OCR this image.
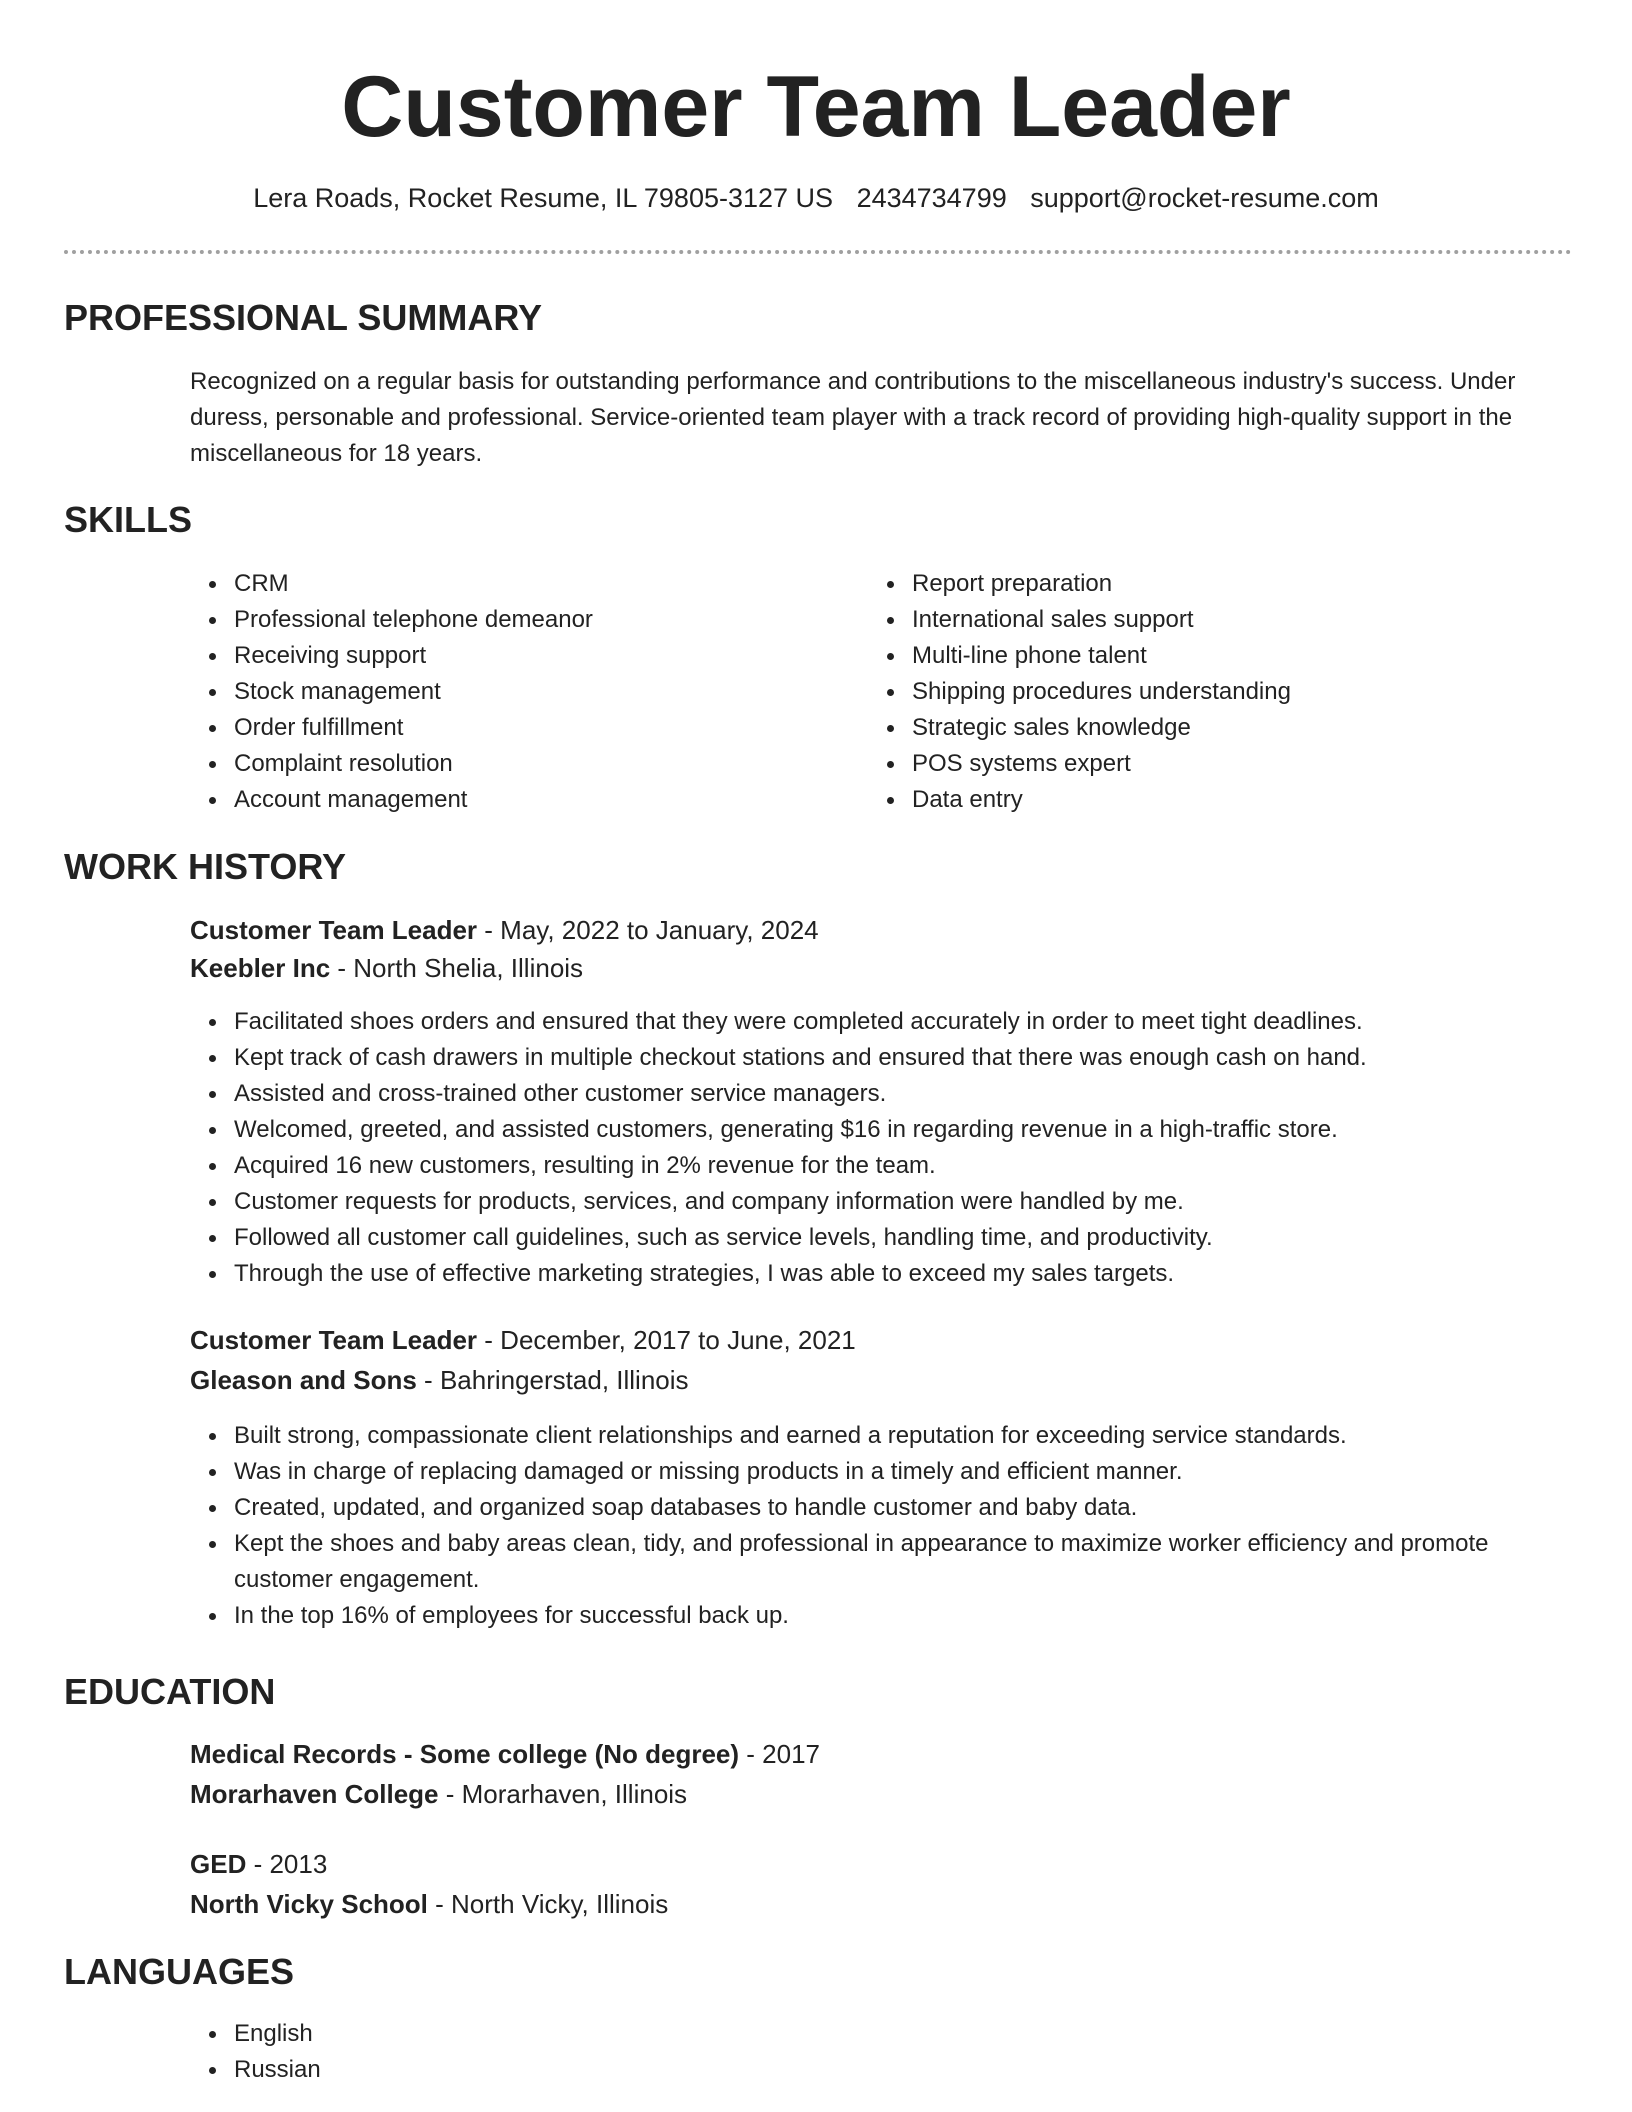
Customer Team Leader
Lera Roads, Rocket Resume, IL 79805-3127 US 2434734799 support@rocket-resume.com
PROFESSIONAL SUMMARY

Recognized on a regular basis for outstanding performance and contributions to the miscellaneous industry's success. Under duress, personable and professional. Service-oriented team player with a track record of providing high-quality support in the miscellaneous for 18 years.

SKILLS
CRM
Professional telephone demeanor
Receiving support
Stock management
Order fulfillment
Complaint resolution
Account management
Report preparation
International sales support
Multi-line phone talent
Shipping procedures understanding
Strategic sales knowledge
POS systems expert
Data entry
WORK HISTORY
Customer Team Leader - May, 2022 to January, 2024
Keebler Inc - North Shelia, Illinois
Facilitated shoes orders and ensured that they were completed accurately in order to meet tight deadlines.
Kept track of cash drawers in multiple checkout stations and ensured that there was enough cash on hand.
Assisted and cross-trained other customer service managers.
Welcomed, greeted, and assisted customers, generating $16 in regarding revenue in a high-traffic store.
Acquired 16 new customers, resulting in 2% revenue for the team.
Customer requests for products, services, and company information were handled by me.
Followed all customer call guidelines, such as service levels, handling time, and productivity.
Through the use of effective marketing strategies, I was able to exceed my sales targets.
Customer Team Leader - December, 2017 to June, 2021
Gleason and Sons - Bahringerstad, Illinois
Built strong, compassionate client relationships and earned a reputation for exceeding service standards.
Was in charge of replacing damaged or missing products in a timely and efficient manner.
Created, updated, and organized soap databases to handle customer and baby data.
Kept the shoes and baby areas clean, tidy, and professional in appearance to maximize worker efficiency and promote customer engagement.
In the top 16% of employees for successful back up.
EDUCATION
Medical Records - Some college (No degree) - 2017
Morarhaven College - Morarhaven, Illinois
GED - 2013
North Vicky School - North Vicky, Illinois
LANGUAGES
English
Russian
